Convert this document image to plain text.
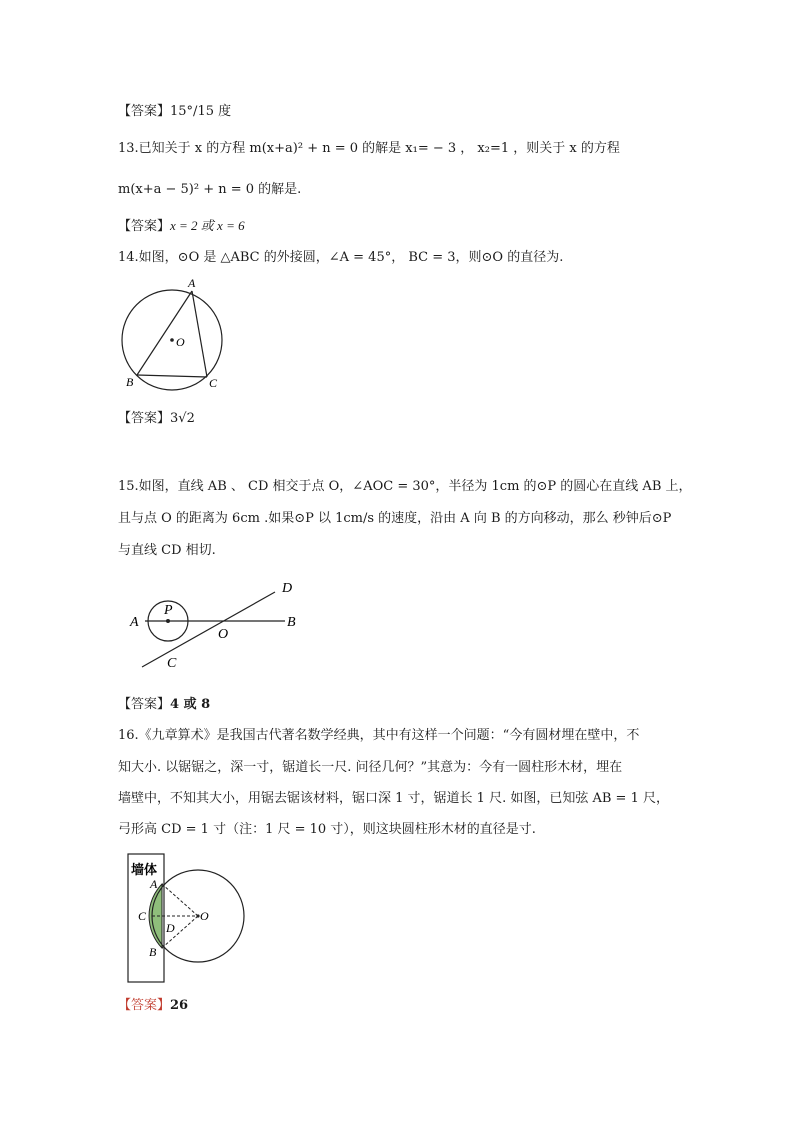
【答案】15°/15 度
13.已知关于 x 的方程 m(x+a)² + n = 0 的解是 x₁= − 3 ， x₂=1 ，则关于 x 的方程
m(x+a − 5)² + n = 0 的解是.
【答案】x = 2 或 x = 6
14.如图，⊙O 是 △ABC 的外接圆，∠A = 45°， BC = 3，则⊙O 的直径为.
A
B	C
O
【答案】3√2
15.如图，直线 AB 、 CD 相交于点 O，∠AOC = 30°，半径为 1cm 的⊙P 的圆心在直线 AB 上，
且与点 O 的距离为 6cm .如果⊙P 以 1cm/s 的速度，沿由 A 向 B 的方向移动，那么 秒钟后⊙P
与直线 CD 相切.
A	B
C
D
O
P
【答案】4 或 8
16.《九章算术》是我国古代著名数学经典，其中有这样一个问题：“今有圆材埋在壁中，不
知大小. 以锯锯之，深一寸，锯道长一尺. 问径几何？”其意为：今有一圆柱形木材，埋在
墙壁中，不知其大小，用锯去锯该材料，锯口深 1 寸，锯道长 1 尺. 如图，已知弦 AB = 1 尺，
弓形高 CD = 1 寸（注：1 尺 = 10 寸），则这块圆柱形木材的直径是寸.
墙体
A
B
C
D
O
【答案】26
